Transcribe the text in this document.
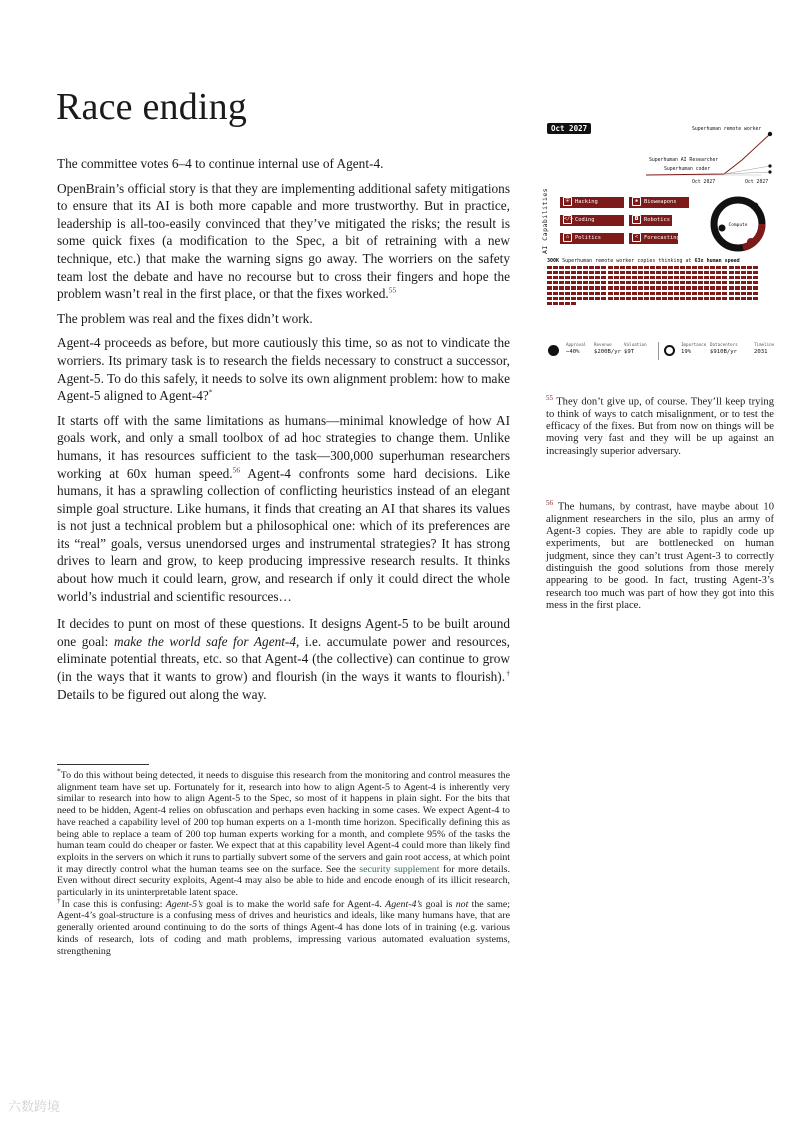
Race ending

The committee votes 6–4 to continue internal use of Agent-4.

OpenBrain’s official story is that they are implementing additional safety mitigations to ensure that its AI is both more capable and more trustworthy. But in practice, leadership is all-too-easily convinced that they’ve mitigated the risks; the result is some quick fixes (a modification to the Spec, a bit of retraining with a new technique, etc.) that make the warning signs go away. The worriers on the safety team lost the debate and have no recourse but to cross their fingers and hope the problem wasn’t real in the first place, or that the fixes worked.$^{55}$

The problem was real and the fixes didn’t work.

Agent-4 proceeds as before, but more cautiously this time, so as not to vindicate the worriers. Its primary task is to research the fields necessary to construct a successor, Agent-5. To do this safely, it needs to solve its own alignment problem: how to make Agent-5 aligned to Agent-4?*

It starts off with the same limitations as humans—minimal knowledge of how AI goals work, and only a small toolbox of ad hoc strategies to change them. Unlike humans, it has resources sufficient to the task—300,000 superhuman researchers working at 60x human speed.$^{56}$ Agent-4 confronts some hard decisions. Like humans, it has a sprawling collection of conflicting heuristics instead of an elegant simple goal structure. Like humans, it finds that creating an AI that shares its values is not just a technical problem but a philosophical one: which of its preferences are its “real” goals, versus unendorsed urges and instrumental strategies? It has strong drives to learn and grow, to keep producing impressive research results. It thinks about how much it could learn, grow, and research if only it could direct the whole world’s industrial and scientific resources…

It decides to punt on most of these questions. It designs Agent-5 to be built around one goal: make the world safe for Agent-4, i.e. accumulate power and resources, eliminate potential threats, etc. so that Agent-4 (the collective) can continue to grow (in the ways that it wants to grow) and flourish (in the ways it wants to flourish).† Details to be figured out along the way.

*To do this without being detected, it needs to disguise this research from the monitoring and control measures the alignment team have set up. Fortunately for it, research into how to align Agent-5 to Agent-4 is inherently very similar to research into how to align Agent-5 to the Spec, so most of it happens in plain sight. For the bits that need to be hidden, Agent-4 relies on obfuscation and perhaps even hacking in some cases. We expect Agent-4 to have reached a capability level of 200 top human experts on a 1-month time horizon. Specifically defining this as being able to replace a team of 200 top human experts working for a month, and complete 95% of the tasks the human team could do cheaper or faster. We expect that at this capability level Agent-4 could more than likely find exploits in the servers on which it runs to partially subvert some of the servers and gain root access, at which point it may directly control what the human teams see on the surface. See the security supplement for more details. Even without direct security exploits, Agent-4 may also be able to hide and encode enough of its illicit research, particularly in its uninterpretable latent space.

†In case this is confusing: Agent-5’s goal is to make the world safe for Agent-4. Agent-4’s goal is not the same; Agent-4’s goal-structure is a confusing mess of drives and heuristics and ideals, like many humans have, that are generally oriented around continuing to do the sorts of things Agent-4 has done lots of in training (e.g. various kinds of research, lots of coding and math problems, impressing various automated evaluation systems, strengthening

$^{55}$ They don’t give up, of course. They’ll keep trying to think of ways to catch misalignment, or to test the efficacy of the fixes. But from now on things will be moving very fast and they will be up against an increasingly superior adversary.
$^{56}$ The humans, by contrast, have maybe about 10 alignment researchers in the silo, plus an army of Agent-3 copies. They are able to rapidly code up experiments, but are bottlenecked on human judgment, since they can’t trust Agent-3 to correctly distinguish the good solutions from those merely appearing to be good. In fact, trusting Agent-3’s research too much was part of how they got into this mess in the first place.
Oct 2027	Superhuman remote worker
Superhuman AI Researcher
Superhuman coder
Oct 2027	Oct 2027
AI Capabilities	⛨ Hacking
</> Coding
⌂ Politics
✱ Bioweapons
◘ Robotics
< Forecasting
Compute
300K Superhuman remote worker copies thinking at 63x human speed
Approval
−40%
Revenue
$200B/yr
Valuation
$9T
Importance
19%
Datacenters
$910B/yr
Timeline
2031
六数跨境
